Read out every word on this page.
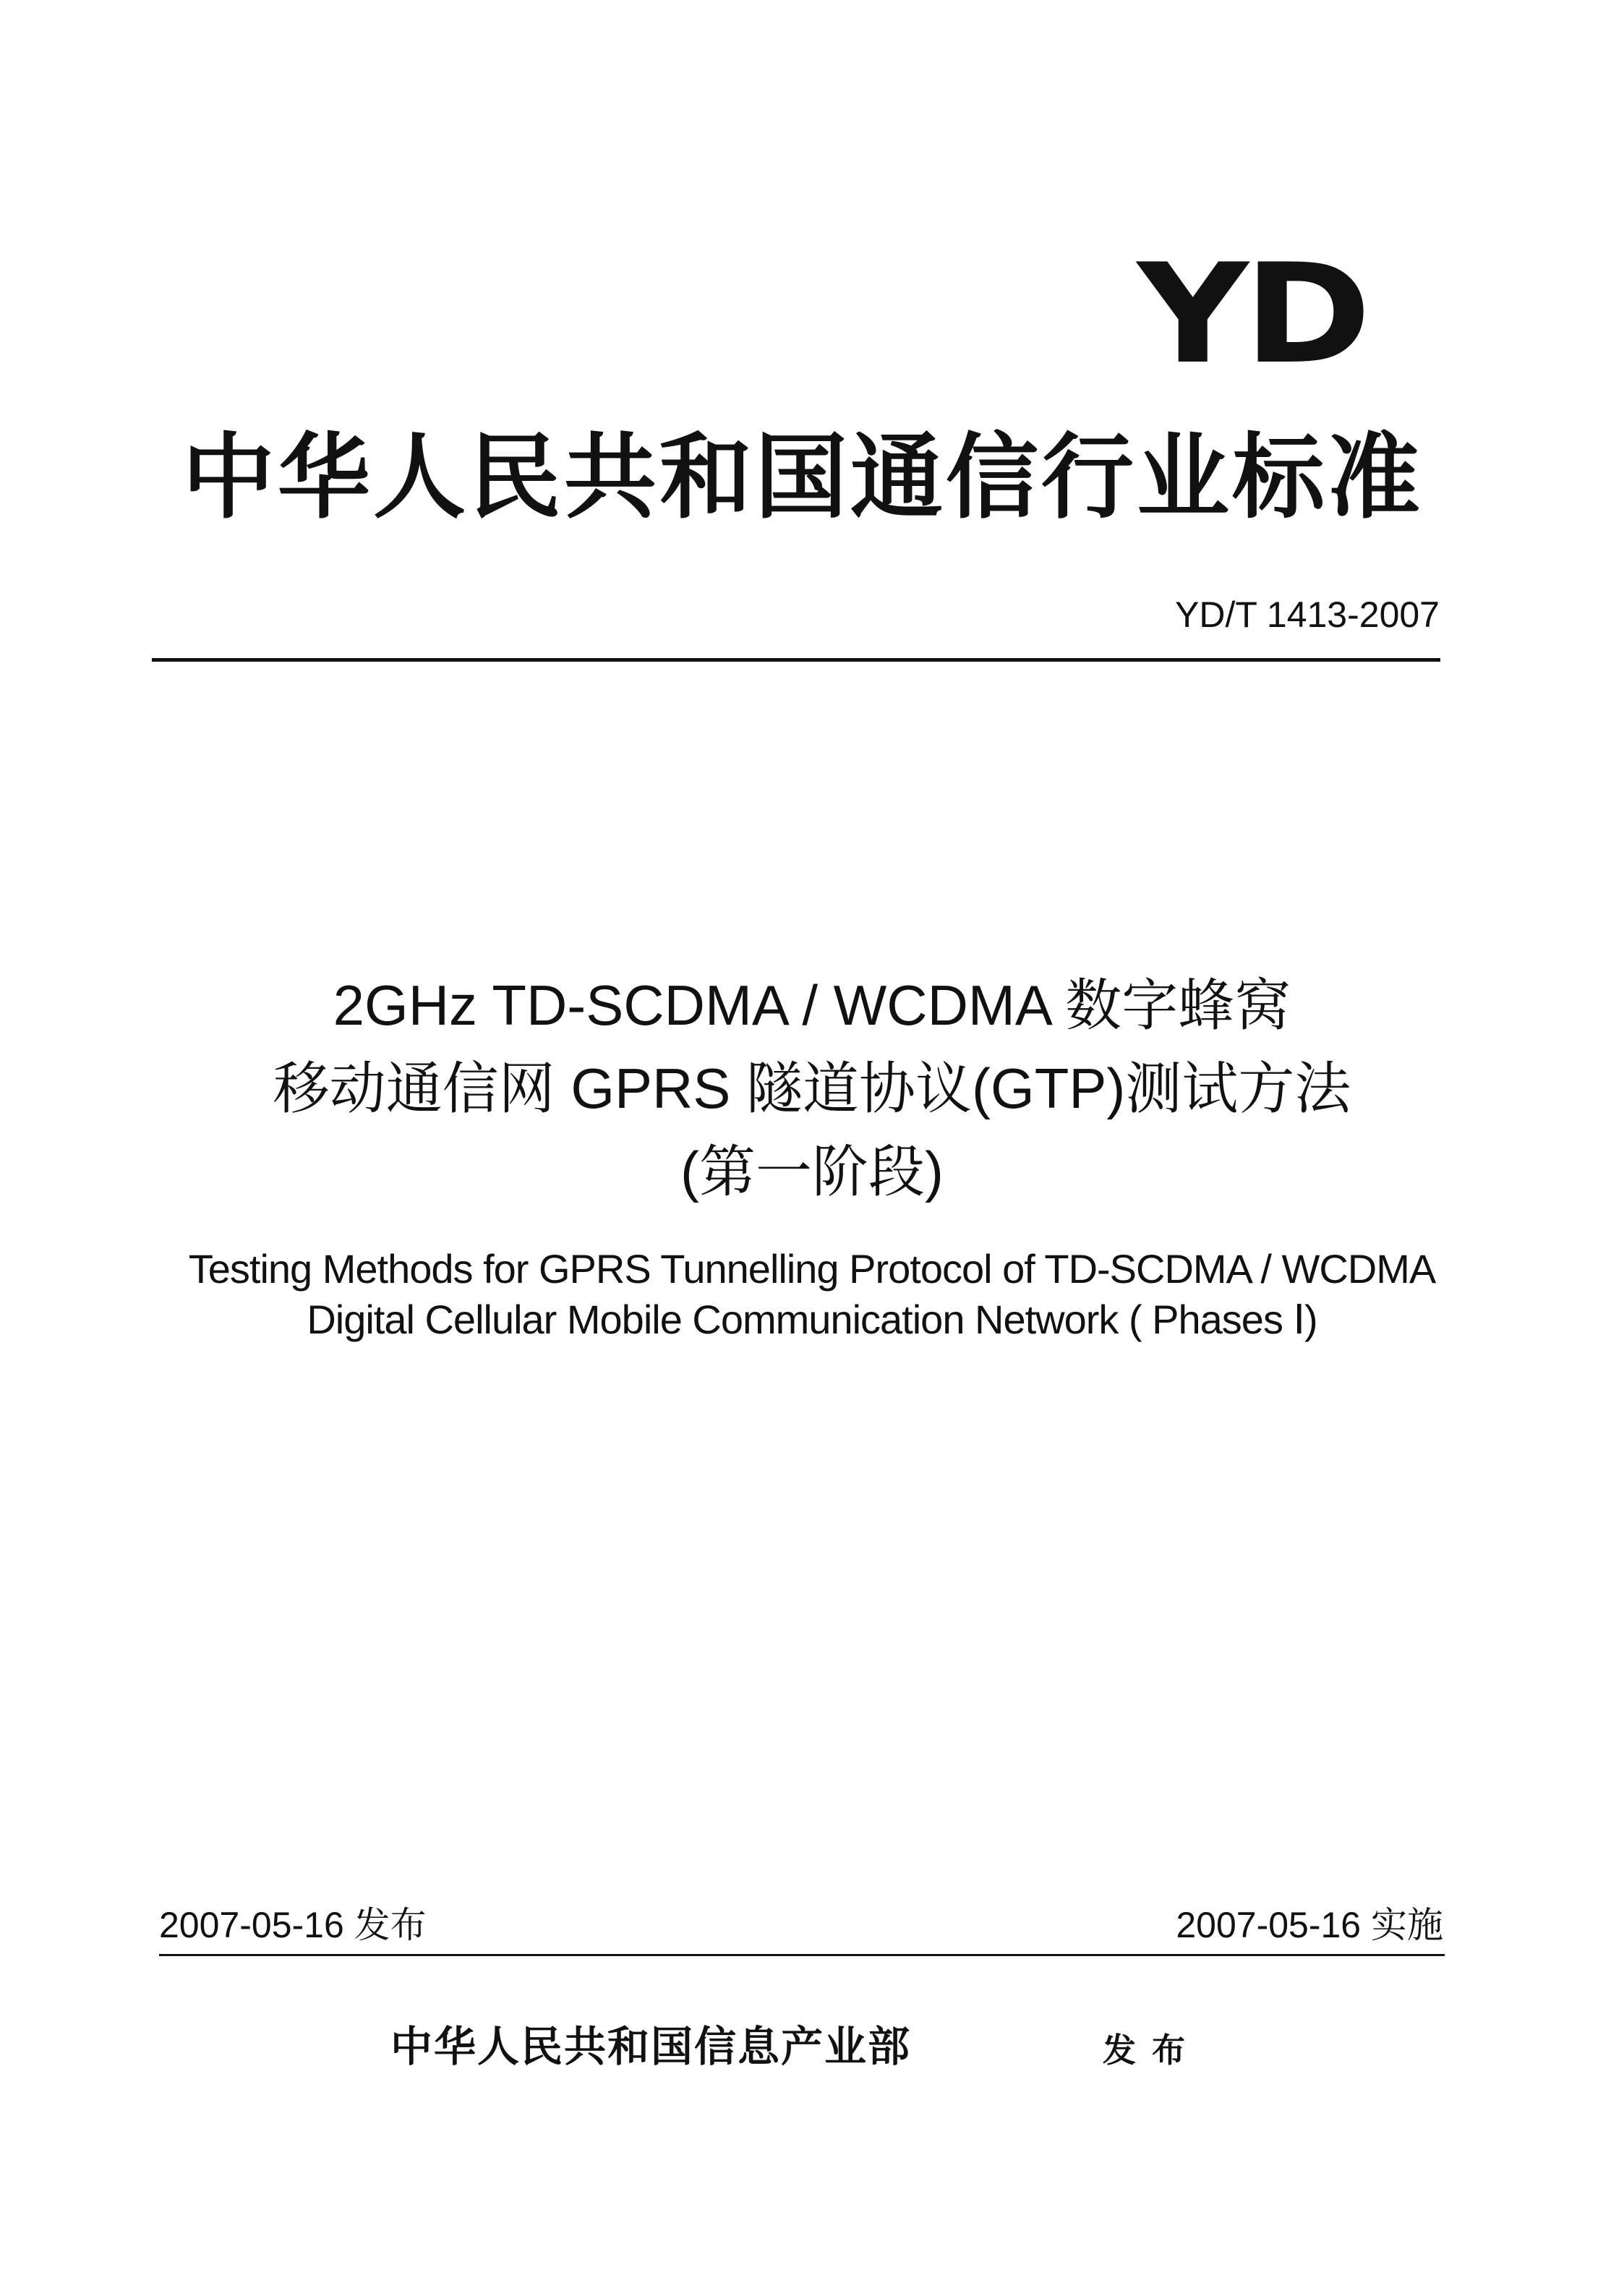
YD
中华人民共和国通信行业标准
YD/T 1413-2007
2GHz TD-SCDMA / WCDMA 数字蜂窝
移动通信网 GPRS 隧道协议(GTP)测试方法
(第一阶段)
Testing Methods for GPRS Tunnelling Protocol of TD-SCDMA / WCDMA
Digital Cellular Mobile Communication Network ( Phases Ⅰ)
2007-05-16 发布	2007-05-16 实施
中华人民共和国信息产业部	发布
